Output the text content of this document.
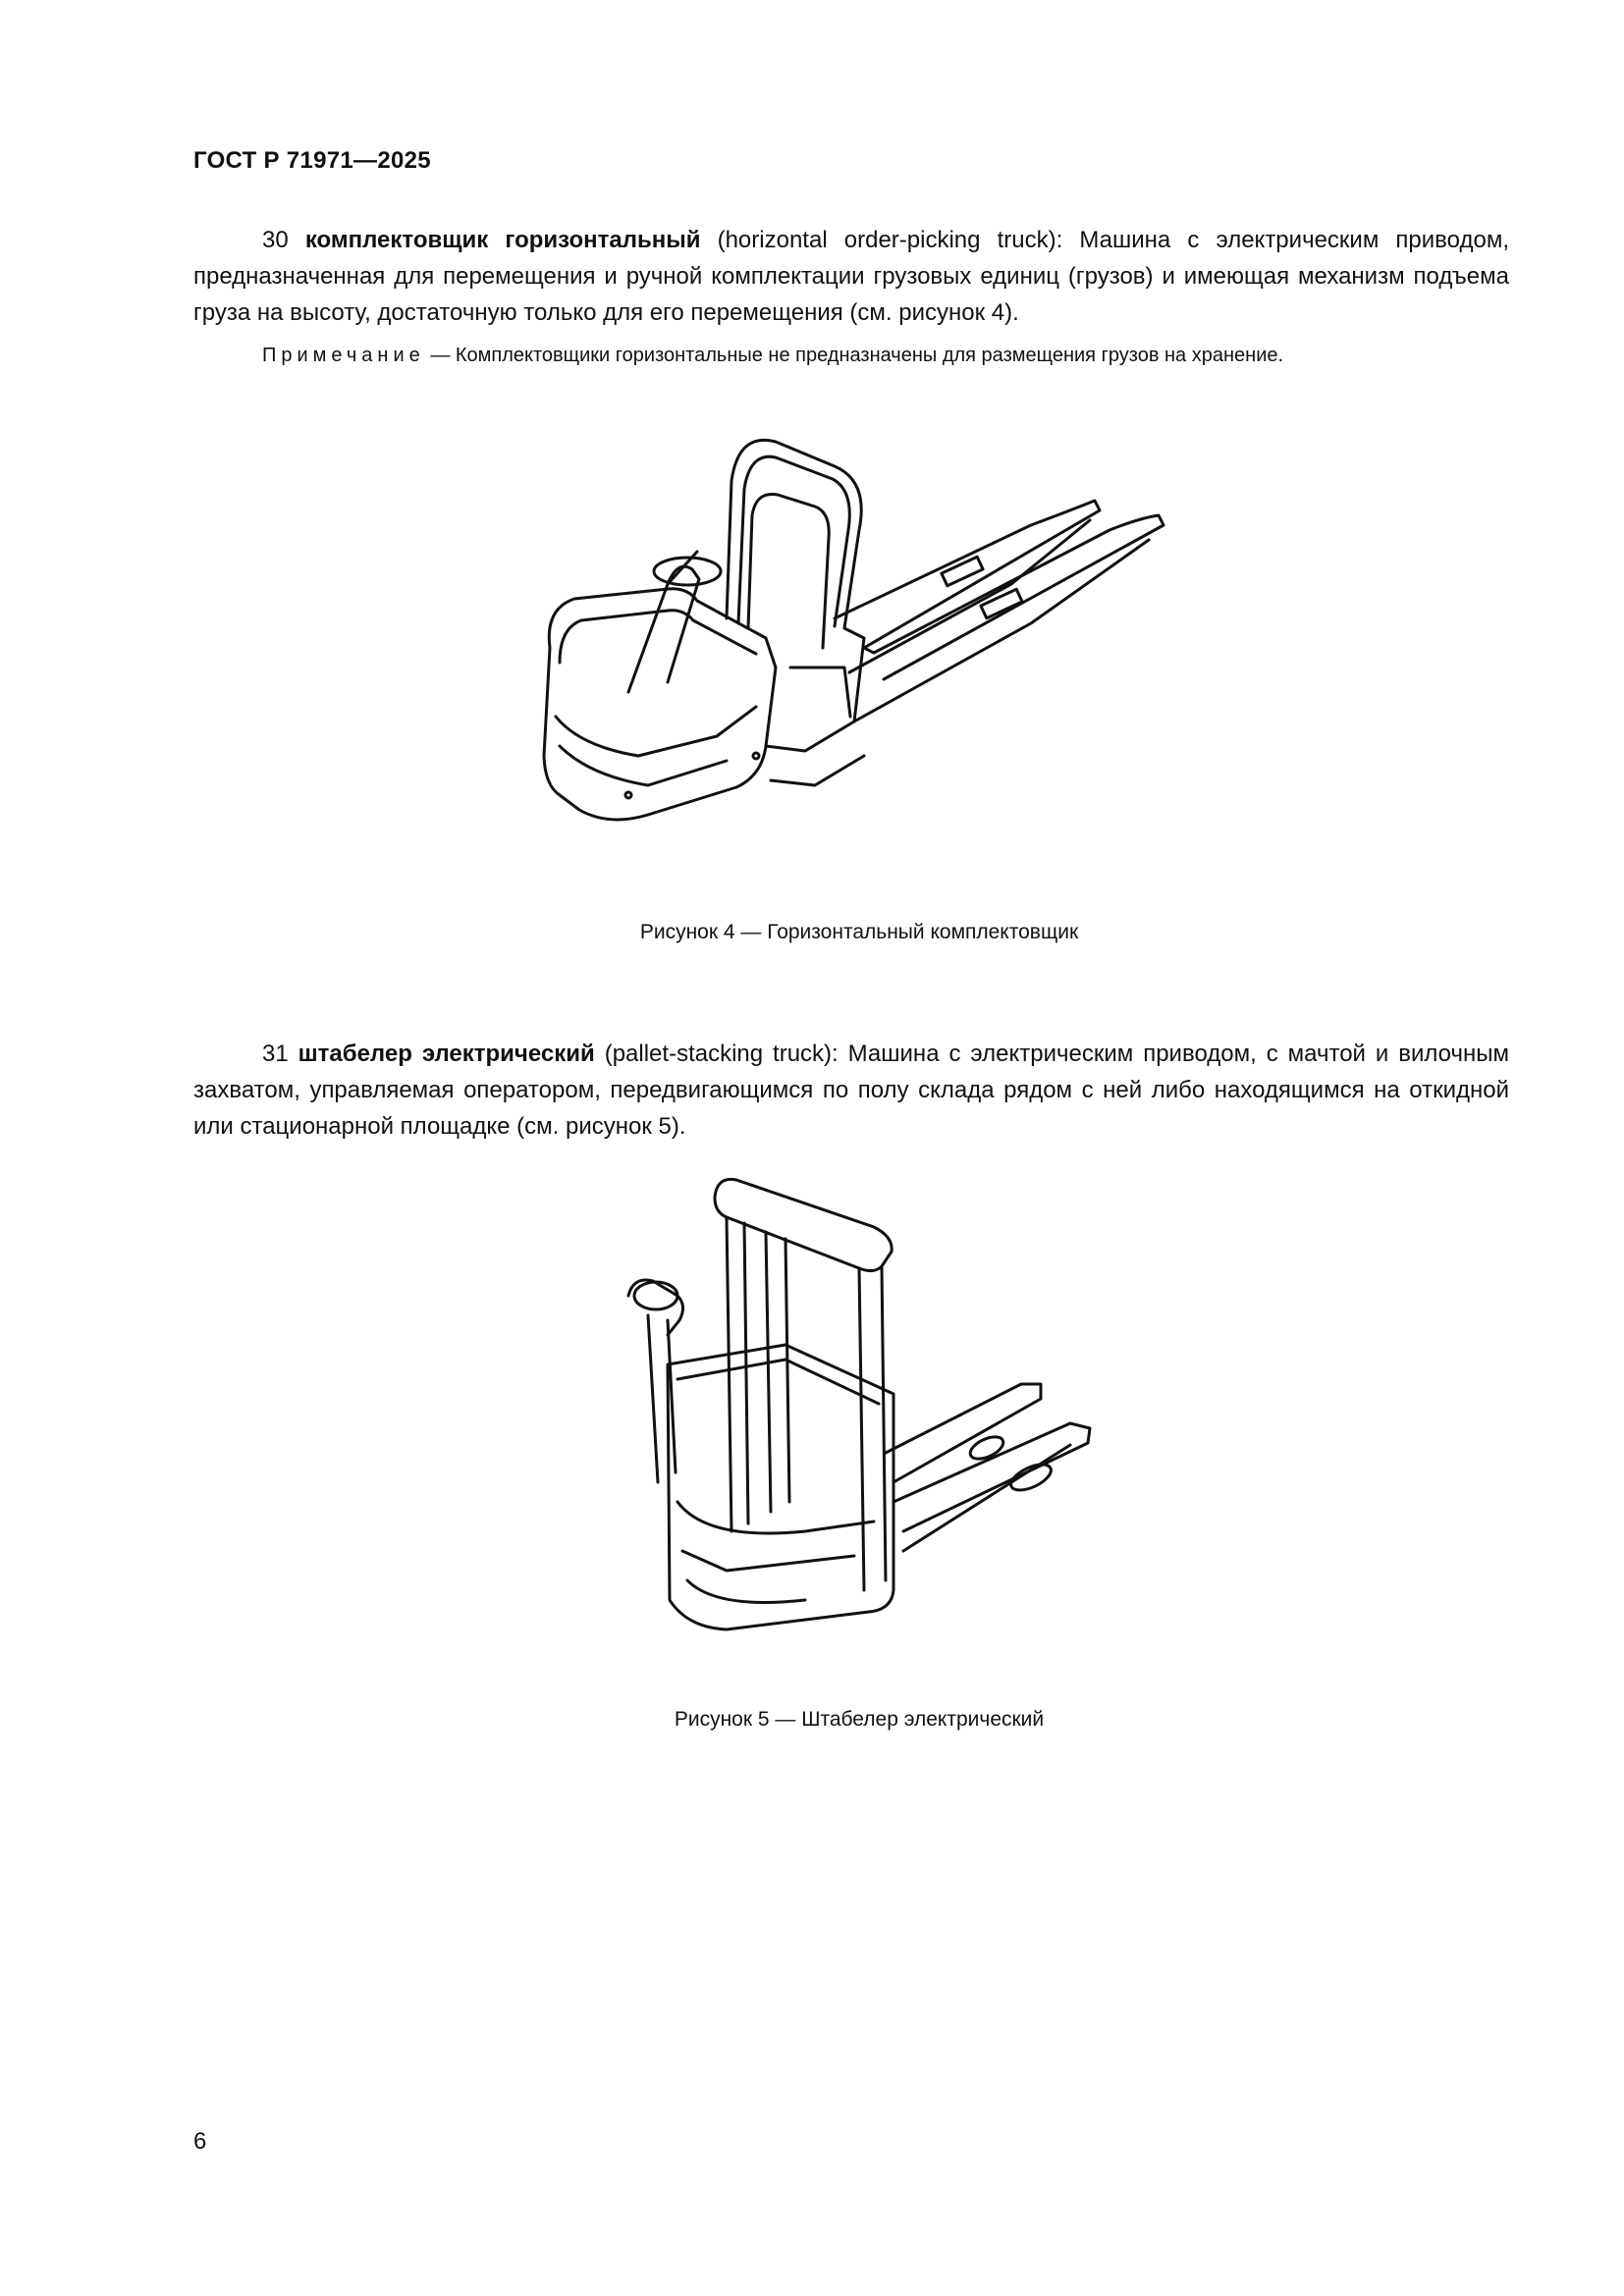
ГОСТ Р 71971—2025
30 комплектовщик горизонтальный (horizontal order-picking truck): Машина с электрическим приводом, предназначенная для перемещения и ручной комплектации грузовых единиц (грузов) и имеющая механизм подъема груза на высоту, достаточную только для его перемещения (см. рисунок 4).
Примечание — Комплектовщики горизонтальные не предназначены для размещения грузов на хранение.
Рисунок 4 — Горизонтальный комплектовщик
31 штабелер электрический (pallet-stacking truck): Машина с электрическим приводом, с мачтой и вилочным захватом, управляемая оператором, передвигающимся по полу склада рядом с ней либо находящимся на откидной или стационарной площадке (см. рисунок 5).
Рисунок 5 — Штабелер электрический
6
